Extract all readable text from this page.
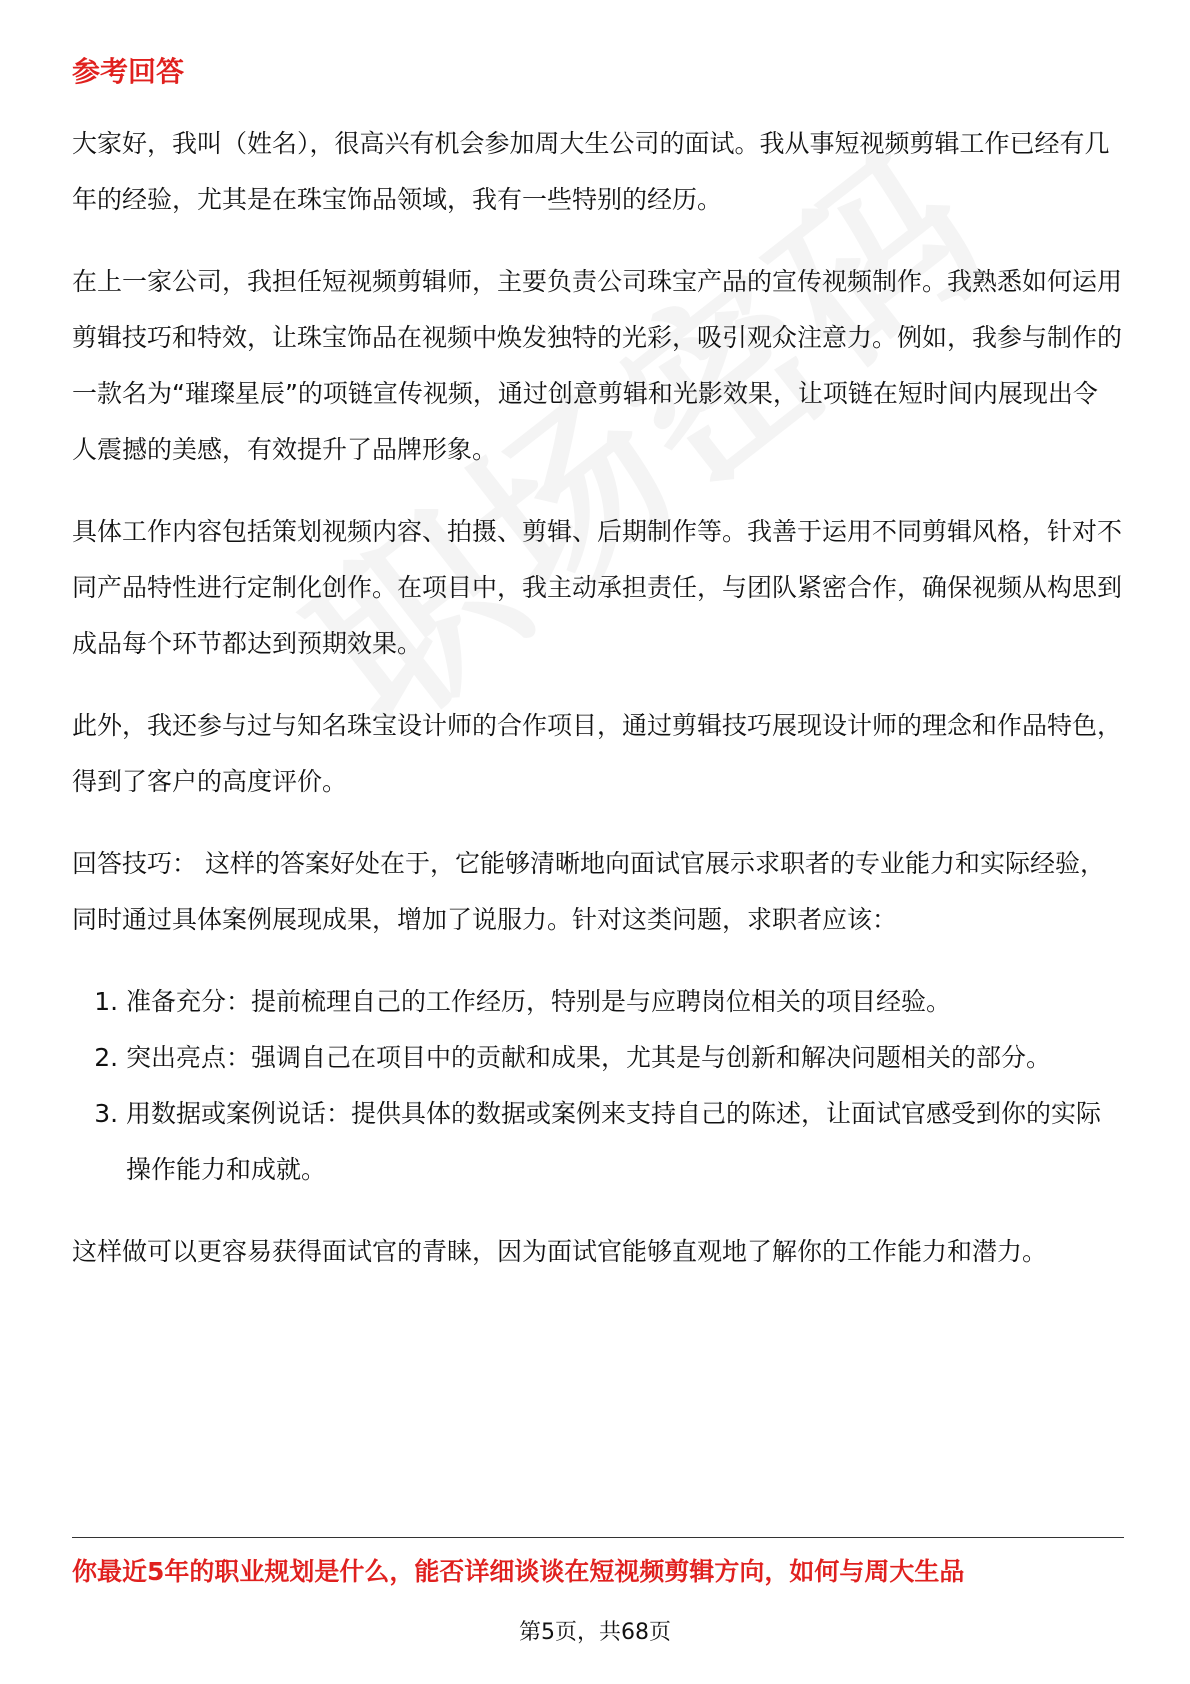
参考回答

大家好，我叫（姓名），很高兴有机会参加周大生公司的面试。我从事短视频剪辑工作已经有几年的经验，尤其是在珠宝饰品领域，我有一些特别的经历。

在上一家公司，我担任短视频剪辑师，主要负责公司珠宝产品的宣传视频制作。我熟悉如何运用剪辑技巧和特效，让珠宝饰品在视频中焕发独特的光彩，吸引观众注意力。例如，我参与制作的一款名为“璀璨星辰”的项链宣传视频，通过创意剪辑和光影效果，让项链在短时间内展现出令人震撼的美感，有效提升了品牌形象。

具体工作内容包括策划视频内容、拍摄、剪辑、后期制作等。我善于运用不同剪辑风格，针对不同产品特性进行定制化创作。在项目中，我主动承担责任，与团队紧密合作，确保视频从构思到成品每个环节都达到预期效果。

此外，我还参与过与知名珠宝设计师的合作项目，通过剪辑技巧展现设计师的理念和作品特色，得到了客户的高度评价。

回答技巧： 这样的答案好处在于，它能够清晰地向面试官展示求职者的专业能力和实际经验，同时通过具体案例展现成果，增加了说服力。针对这类问题，求职者应该：

1. 准备充分：提前梳理自己的工作经历，特别是与应聘岗位相关的项目经验。
2. 突出亮点：强调自己在项目中的贡献和成果，尤其是与创新和解决问题相关的部分。
3. 用数据或案例说话：提供具体的数据或案例来支持自己的陈述，让面试官感受到你的实际操作能力和成就。

这样做可以更容易获得面试官的青睐，因为面试官能够直观地了解你的工作能力和潜力。

你最近5年的职业规划是什么，能否详细谈谈在短视频剪辑方向，如何与周大生品

第5页，共68页
